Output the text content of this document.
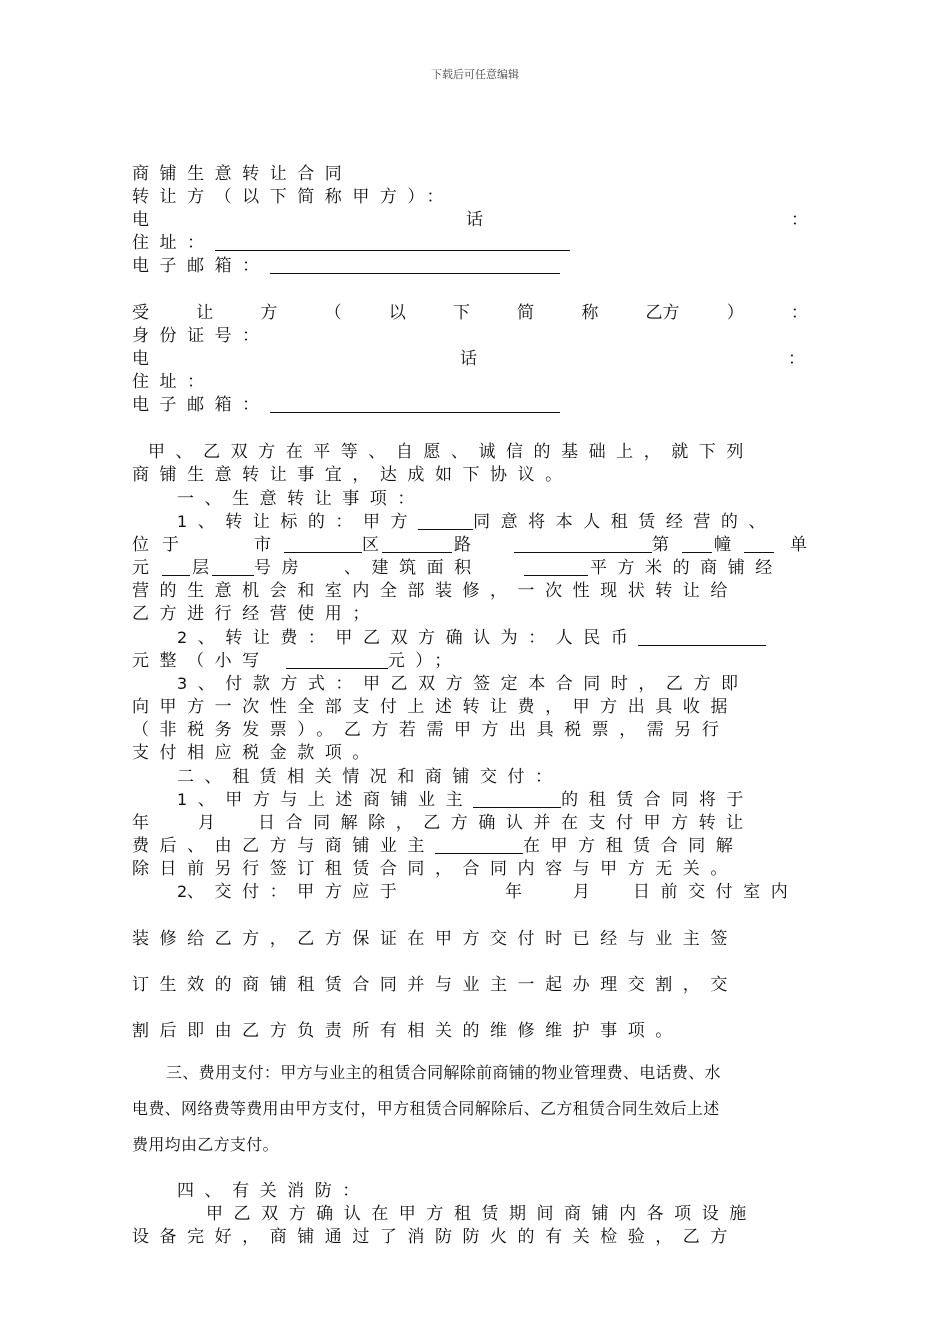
下载后可任意编辑
商铺生意转让合同
转让方（以下简称甲方）：
电	话	：
住址：
电子邮箱：
受	让	方	（	以	下	简	称	乙方	）	：
身份证号：
电	话	：
住址：
电子邮箱：
甲、乙双方在平等、自愿、诚信的基础上，就下列
商铺生意转让事宜，达成如下协议。
一、生意转让事项：
1、转让标的：甲方	同意将本人租赁经营的、
位 于	市	区	路	第	幢	单
元	层	号房 、建筑面积	平方米的商铺经
营的生意机会和室内全部装修，一次性现状转让给
乙方进行经营使用；
2、转让费：甲乙双方确认为：人民币
元整（小写	元）；
3、付款方式：甲乙双方签定本合同时，乙方即
向甲方一次性全部支付上述转让费，甲方出具收据
（非税务发票）。乙方若需甲方出具税票，需另行
支付相应税金款项。
二、租赁相关情况和商铺交付：
1、甲方与上述商铺业主	的租赁合同将于
年	月	日合同解除，乙方确认并在支付甲方转让
费后、由乙方与商铺业主	在甲方租赁合同解
除日前另行签订租赁合同，合同内容与甲方无关。
2 、交付：甲方应于	年	月	日前交付室内
装修给乙方，乙方保证在甲方交付时已经与业主签
订生效的商铺租赁合同并与业主一起办理交割，交
割后即由乙方负责所有相关的维修维护事项。
三、费用支付：甲方与业主的租赁合同解除前商铺的物业管理费、电话费、水
电费、网络费等费用由甲方支付，甲方租赁合同解除后、乙方租赁合同生效后上述
费用均由乙方支付。
四、有关消防：
甲乙双方确认在甲方租赁期间商铺内各项设施
设备完好，商铺通过了消防防火的有关检验，乙方
